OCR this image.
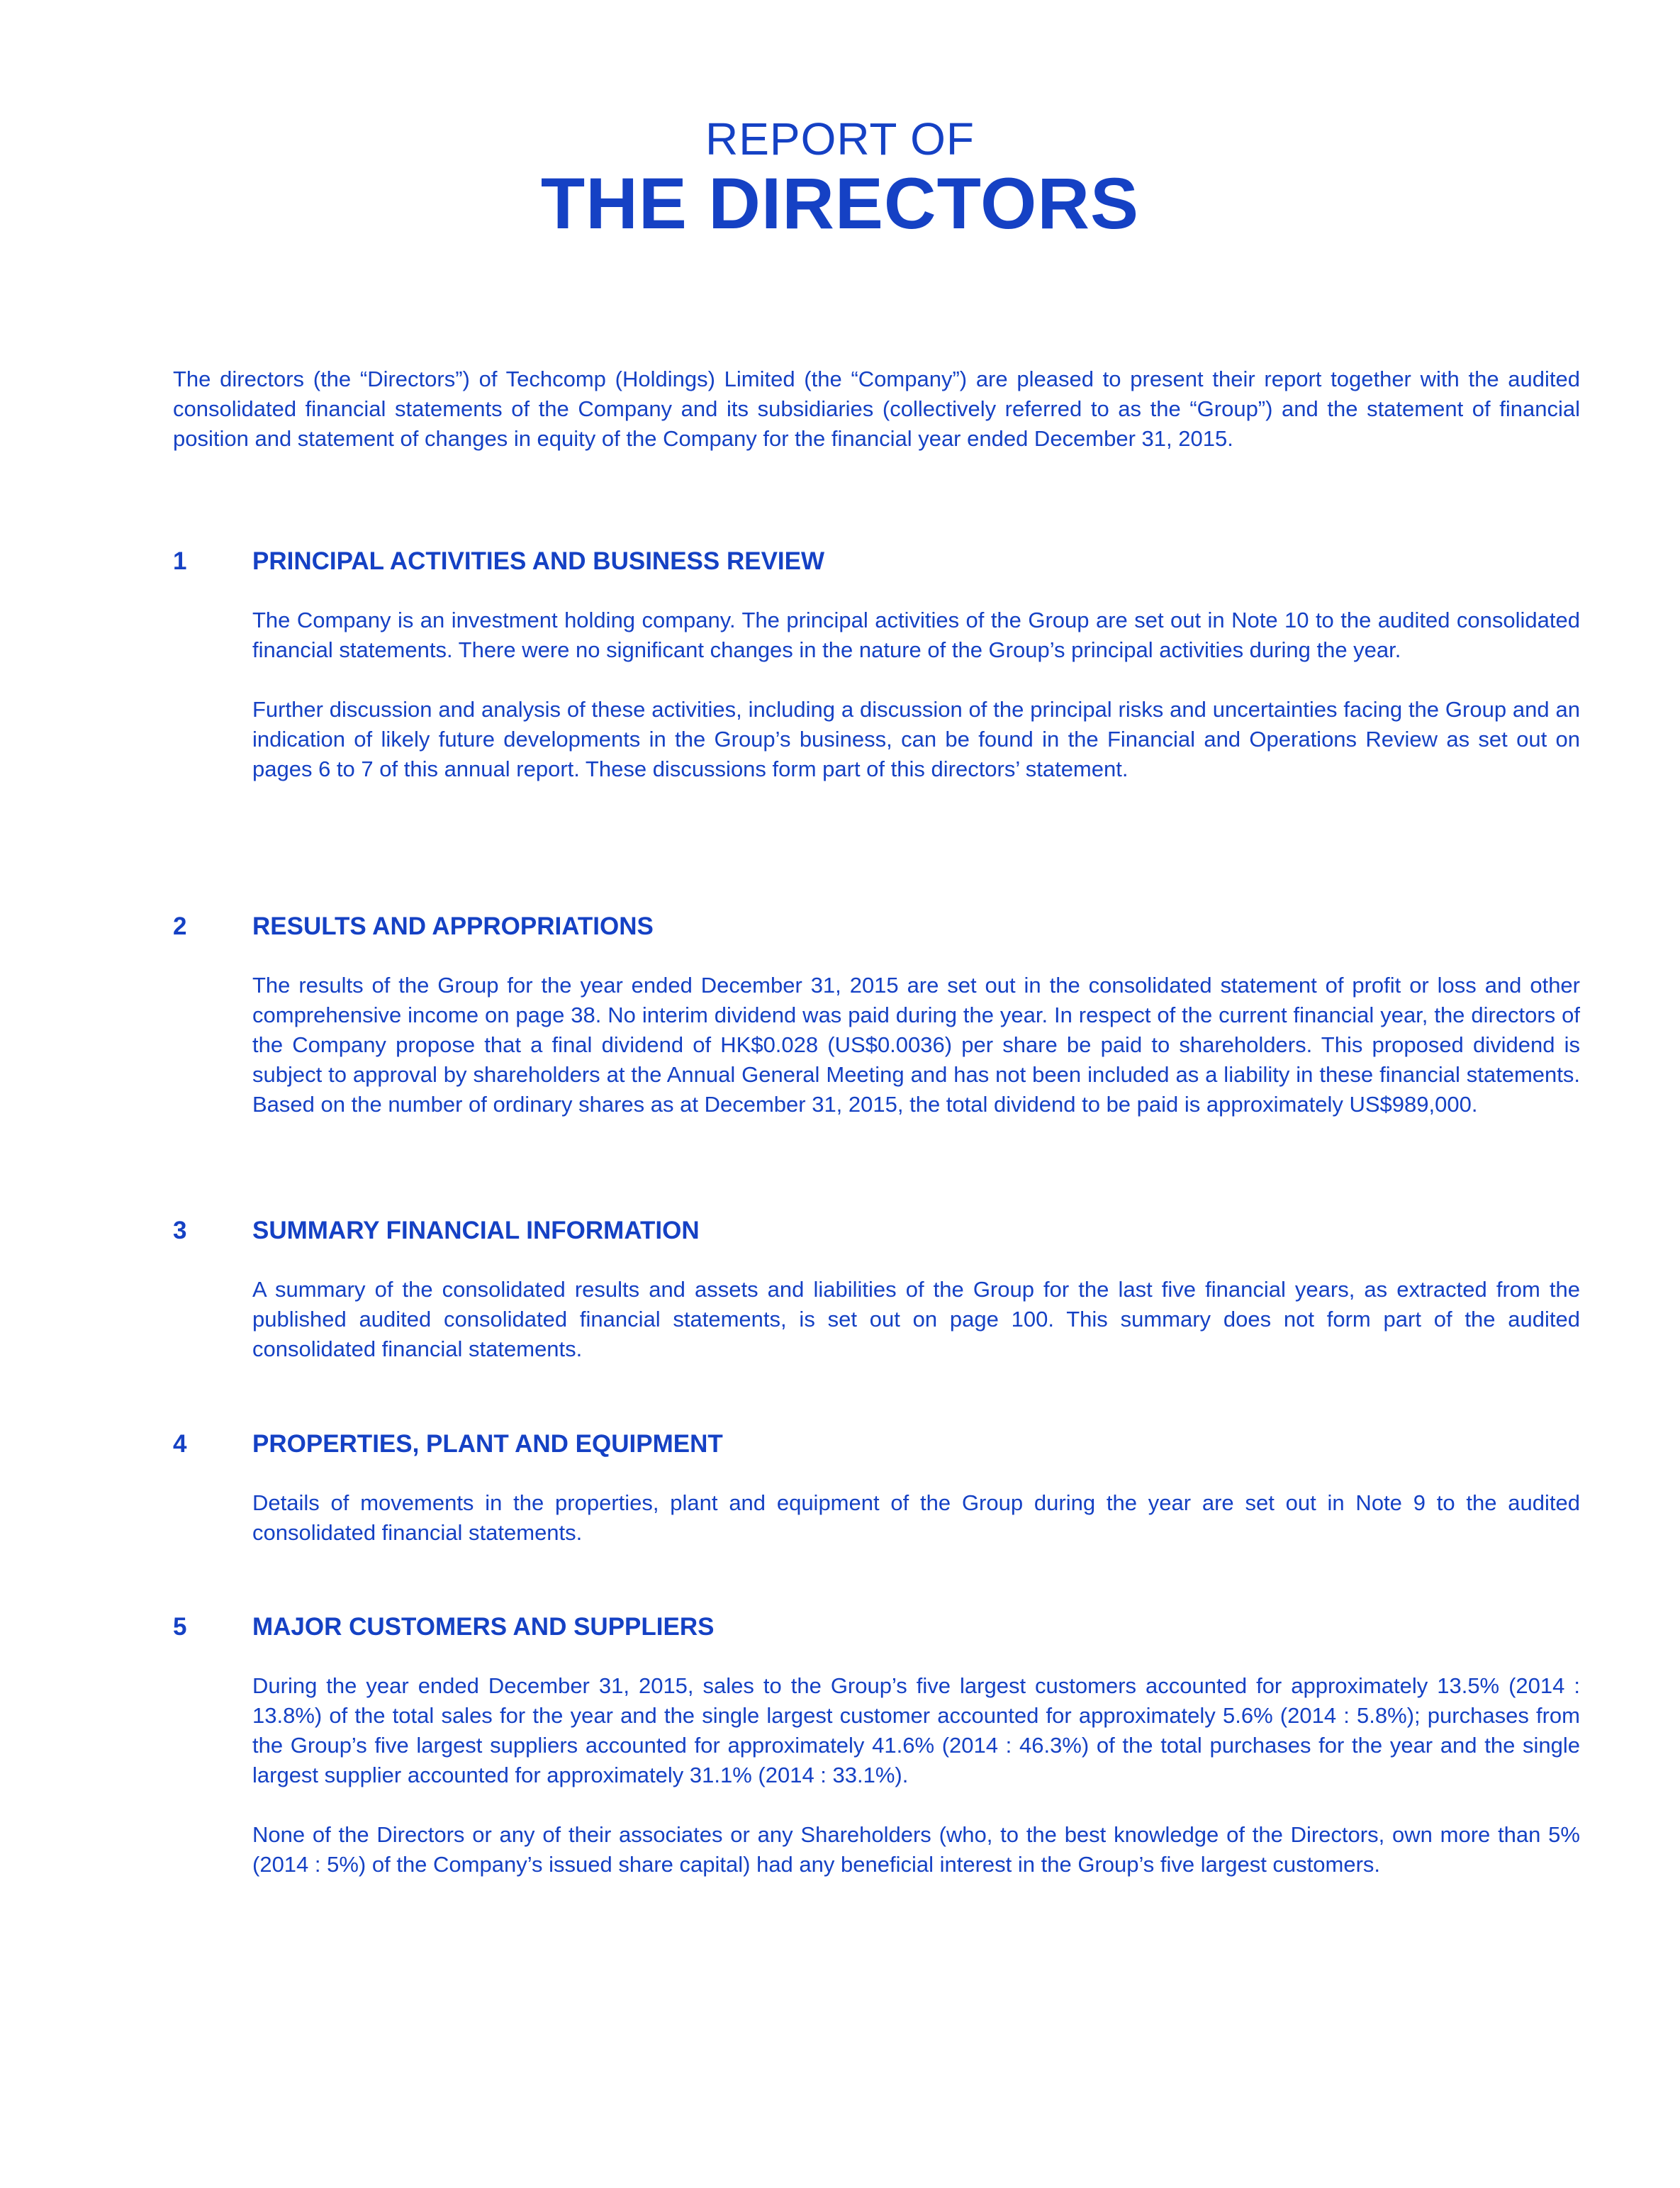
REPORT OF
THE DIRECTORS

The directors (the “Directors”) of Techcomp (Holdings) Limited (the “Company”) are pleased to present their report together with the audited consolidated financial statements of the Company and its subsidiaries (collectively referred to as the “Group”) and the statement of financial position and statement of changes in equity of the Company for the financial year ended December 31, 2015.

1	PRINCIPAL ACTIVITIES AND BUSINESS REVIEW

The Company is an investment holding company. The principal activities of the Group are set out in Note 10 to the audited consolidated financial statements. There were no significant changes in the nature of the Group’s principal activities during the year.

Further discussion and analysis of these activities, including a discussion of the principal risks and uncertainties facing the Group and an indication of likely future developments in the Group’s business, can be found in the Financial and Operations Review as set out on pages 6 to 7 of this annual report. These discussions form part of this directors’ statement.

2	RESULTS AND APPROPRIATIONS

The results of the Group for the year ended December 31, 2015 are set out in the consolidated statement of profit or loss and other comprehensive income on page 38. No interim dividend was paid during the year. In respect of the current financial year, the directors of the Company propose that a final dividend of HK$0.028 (US$0.0036) per share be paid to shareholders. This proposed dividend is subject to approval by shareholders at the Annual General Meeting and has not been included as a liability in these financial statements. Based on the number of ordinary shares as at December 31, 2015, the total dividend to be paid is approximately US$989,000.

3	SUMMARY FINANCIAL INFORMATION

A summary of the consolidated results and assets and liabilities of the Group for the last five financial years, as extracted from the published audited consolidated financial statements, is set out on page 100. This summary does not form part of the audited consolidated financial statements.

4	PROPERTIES, PLANT AND EQUIPMENT

Details of movements in the properties, plant and equipment of the Group during the year are set out in Note 9 to the audited consolidated financial statements.

5	MAJOR CUSTOMERS AND SUPPLIERS

During the year ended December 31, 2015, sales to the Group’s five largest customers accounted for approximately 13.5% (2014 : 13.8%) of the total sales for the year and the single largest customer accounted for approximately 5.6% (2014 : 5.8%); purchases from the Group’s five largest suppliers accounted for approximately 41.6% (2014 : 46.3%) of the total purchases for the year and the single largest supplier accounted for approximately 31.1% (2014 : 33.1%).

None of the Directors or any of their associates or any Shareholders (who, to the best knowledge of the Directors, own more than 5% (2014 : 5%) of the Company’s issued share capital) had any beneficial interest in the Group’s five largest customers.
